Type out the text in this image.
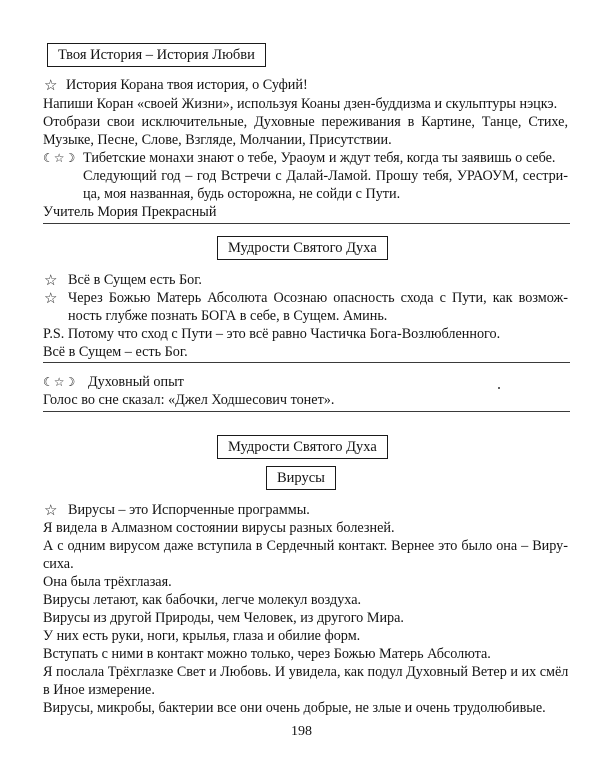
Твоя История – История Любви
☆ История Корана твоя история, о Суфий!
Напиши Коран «своей Жизни», используя Коаны дзен-буддизма и скульптуры нэцкэ.
Отобрази свои исключительные, Духовные переживания в Картине, Танце, Стихе,
Музыке, Песне, Слове, Взгляде, Молчании, Присутствии.
☾☆☽ Тибетские монахи знают о тебе, Ураоум и ждут тебя, когда ты заявишь о себе.
Следующий год – год Встречи с Далай-Ламой. Прошу тебя, УРАОУМ, сестри-
ца, моя названная, будь осторожна, не сойди с Пути.
Учитель Мория Прекрасный
Мудрости Святого Духа
☆ Всё в Сущем есть Бог.
☆ Через Божью Матерь Абсолюта Осознаю опасность схода с Пути, как возмож-
ность глубже познать БОГА в себе, в Сущем. Аминь.
P.S. Потому что сход с Пути – это всё равно Частичка Бога-Возлюбленного.
Всё в Сущем – есть Бог.
☾☆☽ Духовный опыт
Голос во сне сказал: «Джел Ходшесович тонет».
Мудрости Святого Духа
Вирусы
☆ Вирусы – это Испорченные программы.
Я видела в Алмазном состоянии вирусы разных болезней.
А с одним вирусом даже вступила в Сердечный контакт. Вернее это было она – Виру-
сиха.
Она была трёхглазая.
Вирусы летают, как бабочки, легче молекул воздуха.
Вирусы из другой Природы, чем Человек, из другого Мира.
У них есть руки, ноги, крылья, глаза и обилие форм.
Вступать с ними в контакт можно только, через Божью Матерь Абсолюта.
Я послала Трёхглазке Свет и Любовь. И увидела, как подул Духовный Ветер и их смёл
в Иное измерение.
Вирусы, микробы, бактерии все они очень добрые, не злые и очень трудолюбивые.
198
